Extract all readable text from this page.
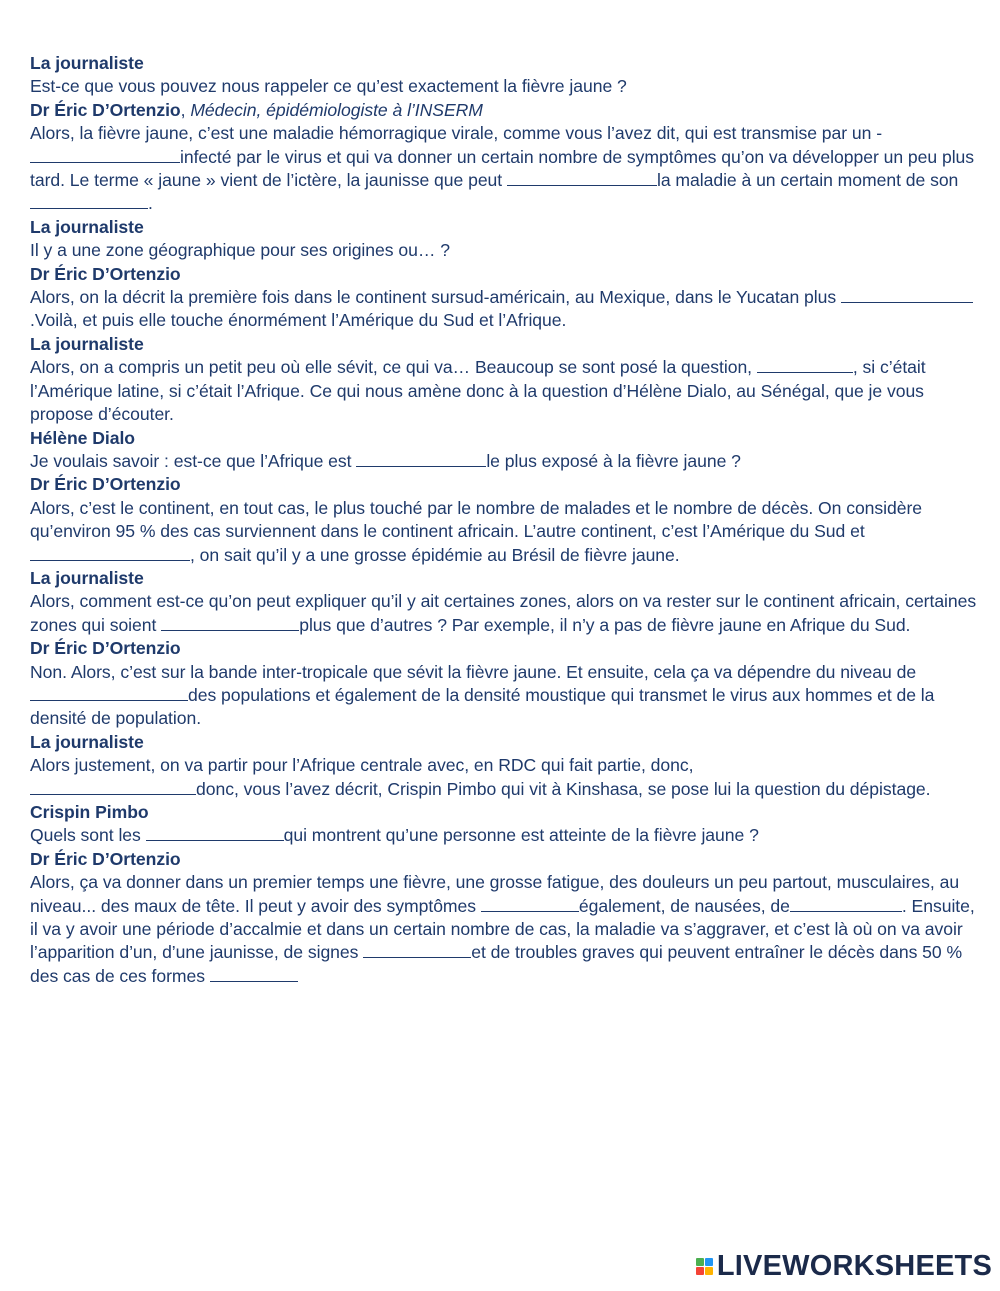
La journaliste
Est-ce que vous pouvez nous rappeler ce qu’est exactement la fièvre jaune ?
Dr Éric D’Ortenzio, Médecin, épidémiologiste à l’INSERM
Alors, la fièvre jaune, c’est une maladie hémorragique virale, comme vous l’avez dit, qui est transmise par un -
infecté par le virus et qui va donner un certain nombre de symptômes qu’on va développer un peu plus tard. Le terme « jaune » vient de l’ictère, la jaunisse que peut	la maladie à un certain moment de son .
La journaliste
Il y a une zone géographique pour ses origines ou… ?
Dr Éric D’Ortenzio
Alors, on la décrit la première fois dans le continent sursud-américain, au Mexique, dans le Yucatan plus .Voilà, et puis elle touche énormément l’Amérique du Sud et l’Afrique.
La journaliste
Alors, on a compris un petit peu où elle sévit, ce qui va… Beaucoup se sont posé la question,	, si c’était l’Amérique latine, si c’était l’Afrique. Ce qui nous amène donc à la question d’Hélène Dialo, au Sénégal, que je vous propose d’écouter.
Hélène Dialo
Je voulais savoir : est-ce que l’Afrique est	le plus exposé à la fièvre jaune ?
Dr Éric D’Ortenzio
Alors, c’est le continent, en tout cas, le plus touché par le nombre de malades et le nombre de décès. On considère qu’environ 95 % des cas surviennent dans le continent africain. L’autre continent, c’est l’Amérique du Sud et, on sait qu’il y a une grosse épidémie au Brésil de fièvre jaune.
La journaliste
Alors, comment est-ce qu’on peut expliquer qu’il y ait certaines zones, alors on va rester sur le continent africain, certaines zones qui soient	plus que d’autres ? Par exemple, il n’y a pas de fièvre jaune en Afrique du Sud.
Dr Éric D’Ortenzio
Non. Alors, c’est sur la bande inter-tropicale que sévit la fièvre jaune. Et ensuite, cela ça va dépendre du niveau de des populations et également de la densité moustique qui transmet le virus aux hommes et de la densité de population.
La journaliste
Alors justement, on va partir pour l’Afrique centrale avec, en RDC qui fait partie, donc,
donc, vous l’avez décrit, Crispin Pimbo qui vit à Kinshasa, se pose lui la question du dépistage.
Crispin Pimbo
Quels sont les	qui montrent qu’une personne est atteinte de la fièvre jaune ?
Dr Éric D’Ortenzio
Alors, ça va donner dans un premier temps une fièvre, une grosse fatigue, des douleurs un peu partout, musculaires, au niveau... des maux de tête. Il peut y avoir des symptômes	également, de nausées, de	. Ensuite, il va y avoir une période d’accalmie et dans un certain nombre de cas, la maladie va s’aggraver, et c’est là où on va avoir l’apparition d’un, d’une jaunisse, de signes	et de troubles graves qui peuvent entraîner le décès dans 50 % des cas de ces formes
LIVEWORKSHEETS
